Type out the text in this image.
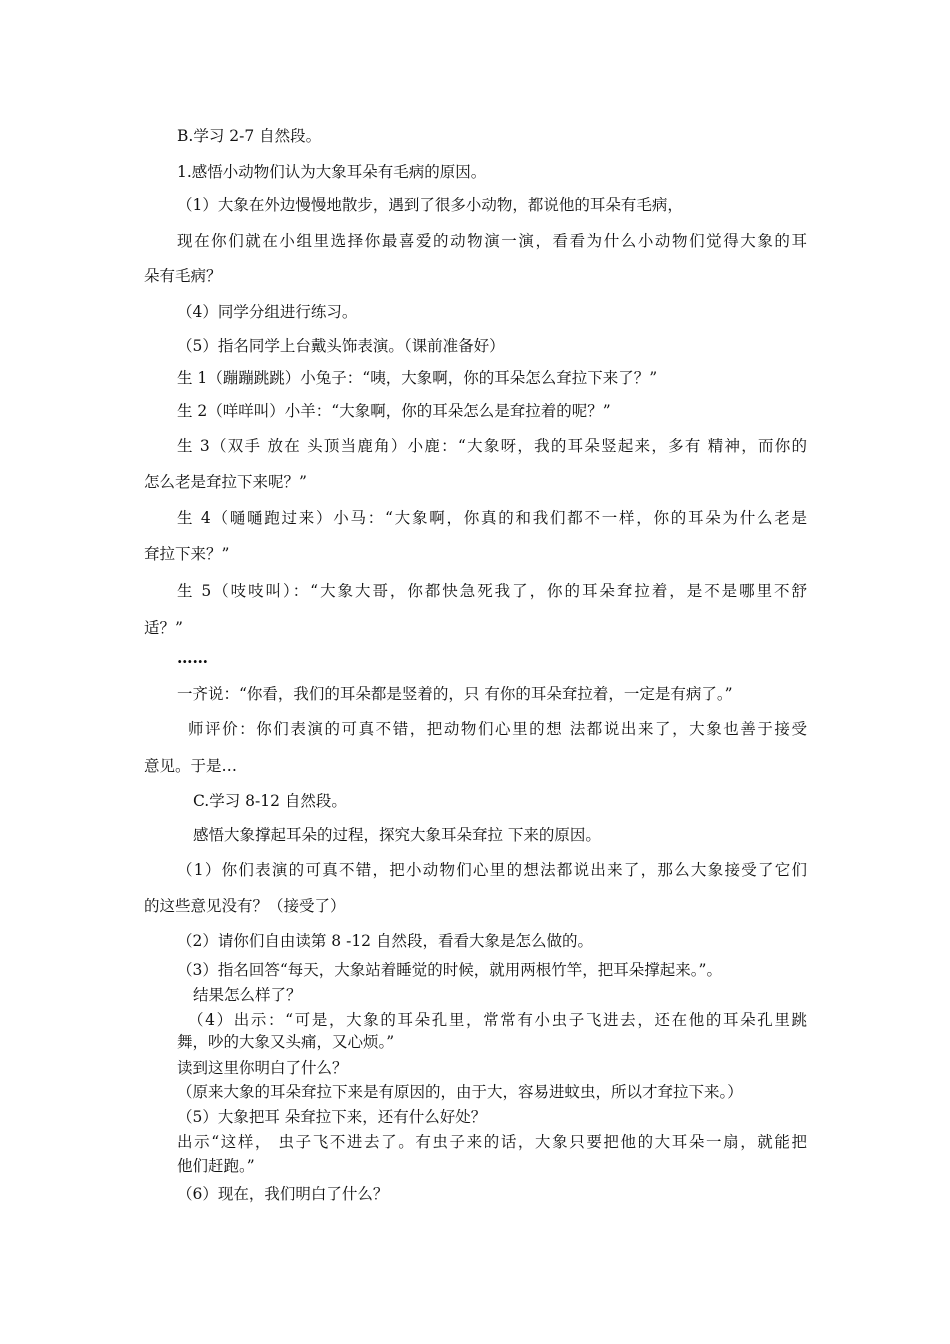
B.学习 2-7 自然段。
1.感悟小动物们认为大象耳朵有毛病的原因。
（1）大象在外边慢慢地散步，遇到了很多小动物，都说他的耳朵有毛病，
现在你们就在小组里选择你最喜爱的动物演一演，看看为什么小动物们觉得大象的耳
朵有毛病？
（4）同学分组进行练习。
（5）指名同学上台戴头饰表演。（课前准备好）
生 1（蹦蹦跳跳）小兔子：“咦，大象啊，你的耳朵怎么耷拉下来了？”
生 2（咩咩叫）小羊：“大象啊，你的耳朵怎么是耷拉着的呢？”
生 3（双手 放在 头顶当鹿角）小鹿：“大象呀，我的耳朵竖起来，多有 精神，而你的
怎么老是耷拉下来呢？”
生 4（嗵嗵跑过来）小马：“大象啊，你真的和我们都不一样，你的耳朵为什么老是
耷拉下来？”
生 5（吱吱叫）：“大象大哥，你都快急死我了，你的耳朵耷拉着，是不是哪里不舒
适？”
……
一齐说：“你看，我们的耳朵都是竖着的，只 有你的耳朵耷拉着，一定是有病了。”
师评价：你们表演的可真不错，把动物们心里的想 法都说出来了，大象也善于接受
意见。于是…
C.学习 8-12 自然段。
感悟大象撑起耳朵的过程，探究大象耳朵耷拉 下来的原因。
（1）你们表演的可真不错，把小动物们心里的想法都说出来了，那么大象接受了它们
的这些意见没有？（接受了）
（2）请你们自由读第 8 -12 自然段，看看大象是怎么做的。
（3）指名回答“每天，大象站着睡觉的时候，就用两根竹竿，把耳朵撑起来。”。
结果怎么样了？
（4）出示：“可是，大象的耳朵孔里，常常有小虫子飞进去，还在他的耳朵孔里跳
舞，吵的大象又头痛，又心烦。”
读到这里你明白了什么？
（原来大象的耳朵耷拉下来是有原因的，由于大，容易进蚊虫，所以才耷拉下来。）
（5）大象把耳 朵耷拉下来，还有什么好处？
出示“这样， 虫子飞不进去了。有虫子来的话，大象只要把他的大耳朵一扇，就能把
他们赶跑。”
（6）现在，我们明白了什么？
